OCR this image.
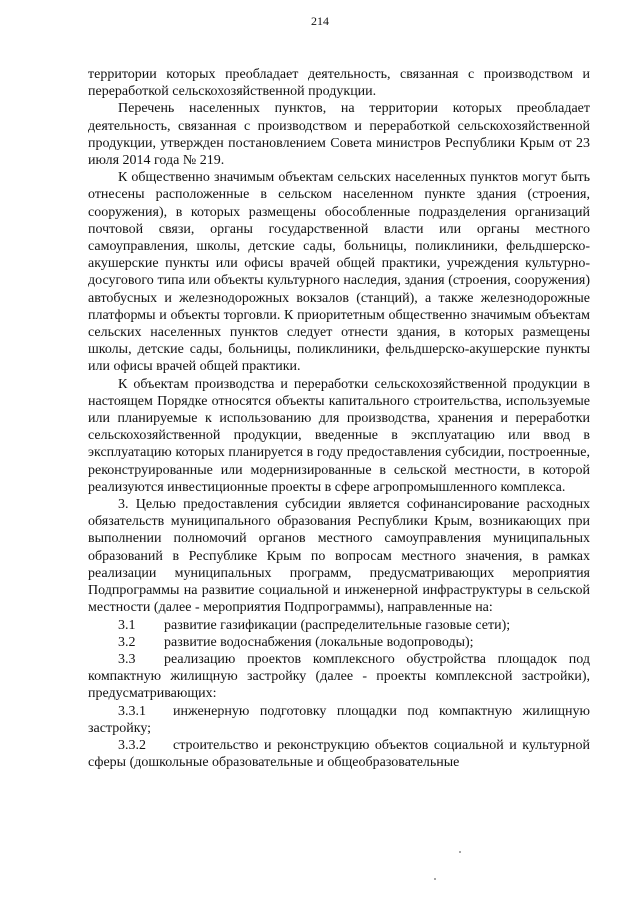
214

территории которых преобладает деятельность, связанная с производством и переработкой сельскохозяйственной продукции.

Перечень населенных пунктов, на территории которых преобладает деятельность, связанная с производством и переработкой сельскохозяйственной продукции, утвержден постановлением Совета министров Республики Крым от 23 июля 2014 года № 219.

К общественно значимым объектам сельских населенных пунктов могут быть отнесены расположенные в сельском населенном пункте здания (строения, сооружения), в которых размещены обособленные подразделения организаций почтовой связи, органы государственной власти или органы местного самоуправления, школы, детские сады, больницы, поликлиники, фельдшерско-акушерские пункты или офисы врачей общей практики, учреждения культурно-досугового типа или объекты культурного наследия, здания (строения, сооружения) автобусных и железнодорожных вокзалов (станций), а также железнодорожные платформы и объекты торговли. К приоритетным общественно значимым объектам сельских населенных пунктов следует отнести здания, в которых размещены школы, детские сады, больницы, поликлиники, фельдшерско-акушерские пункты или офисы врачей общей практики.

К объектам производства и переработки сельскохозяйственной продукции в настоящем Порядке относятся объекты капитального строительства, используемые или планируемые к использованию для производства, хранения и переработки сельскохозяйственной продукции, введенные в эксплуатацию или ввод в эксплуатацию которых планируется в году предоставления субсидии, построенные, реконструированные или модернизированные в сельской местности, в которой реализуются инвестиционные проекты в сфере агропромышленного комплекса.

3. Целью предоставления субсидии является софинансирование расходных обязательств муниципального образования Республики Крым, возникающих при выполнении полномочий органов местного самоуправления муниципальных образований в Республике Крым по вопросам местного значения, в рамках реализации муниципальных программ, предусматривающих мероприятия Подпрограммы на развитие социальной и инженерной инфраструктуры в сельской местности (далее - мероприятия Подпрограммы), направленные на:

3.1 развитие газификации (распределительные газовые сети);
3.2 развитие водоснабжения (локальные водопроводы);
3.3 реализацию проектов комплексного обустройства площадок под компактную жилищную застройку (далее - проекты комплексной застройки), предусматривающих:
3.3.1 инженерную подготовку площадки под компактную жилищную застройку;
3.3.2 строительство и реконструкцию объектов социальной и культурной сферы (дошкольные образовательные и общеобразовательные
